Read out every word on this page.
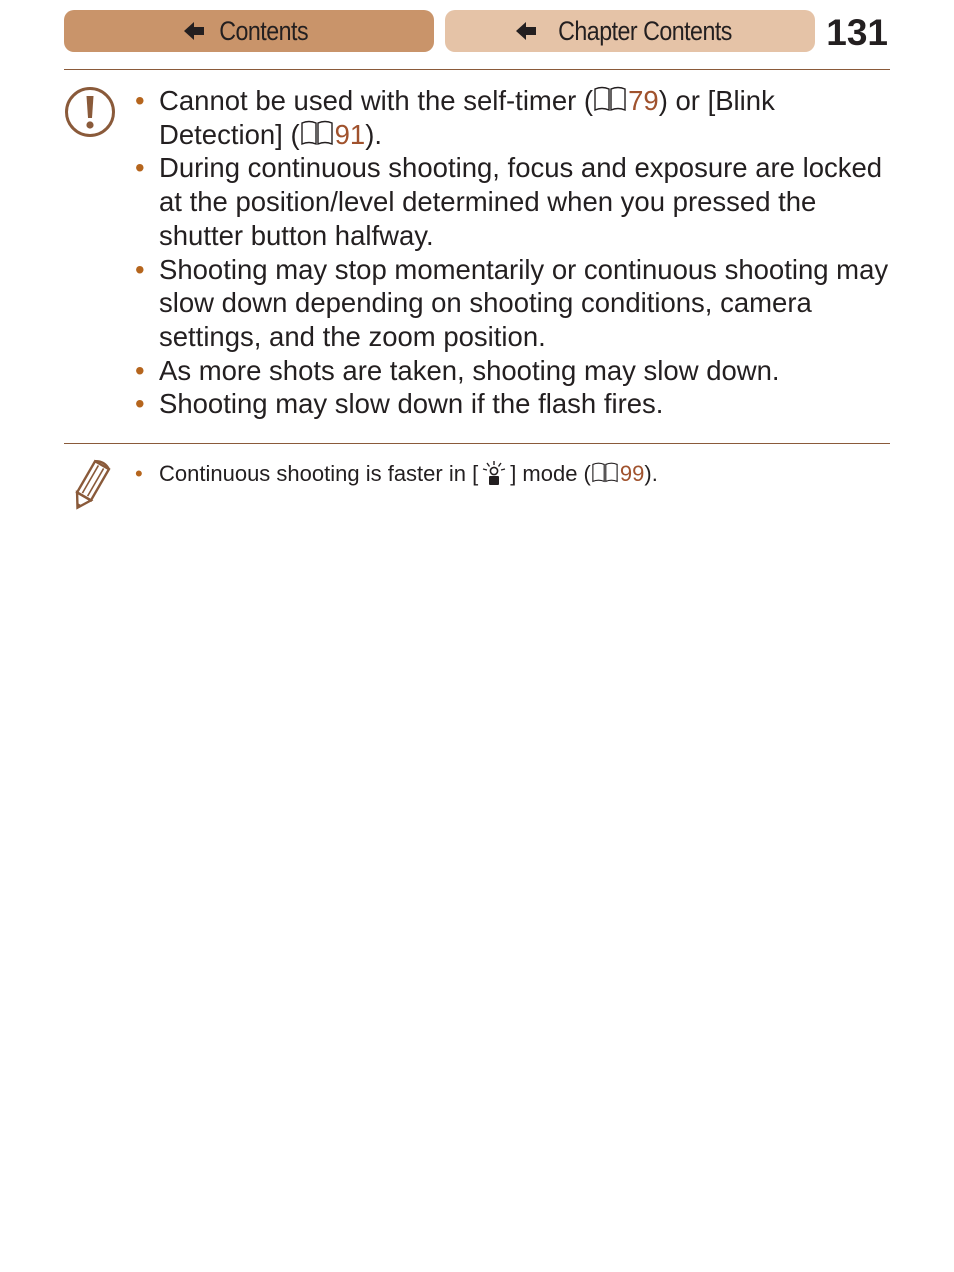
Contents	Chapter Contents	131
• Cannot be used with the self-timer ( 79) or [Blink Detection] ( 91).
• During continuous shooting, focus and exposure are locked at the position/level determined when you pressed the shutter button halfway.
• Shooting may stop momentarily or continuous shooting may slow down depending on shooting conditions, camera settings, and the zoom position.
• As more shots are taken, shooting may slow down.
• Shooting may slow down if the flash fires.
• Continuous shooting is faster in [ ] mode ( 99).
